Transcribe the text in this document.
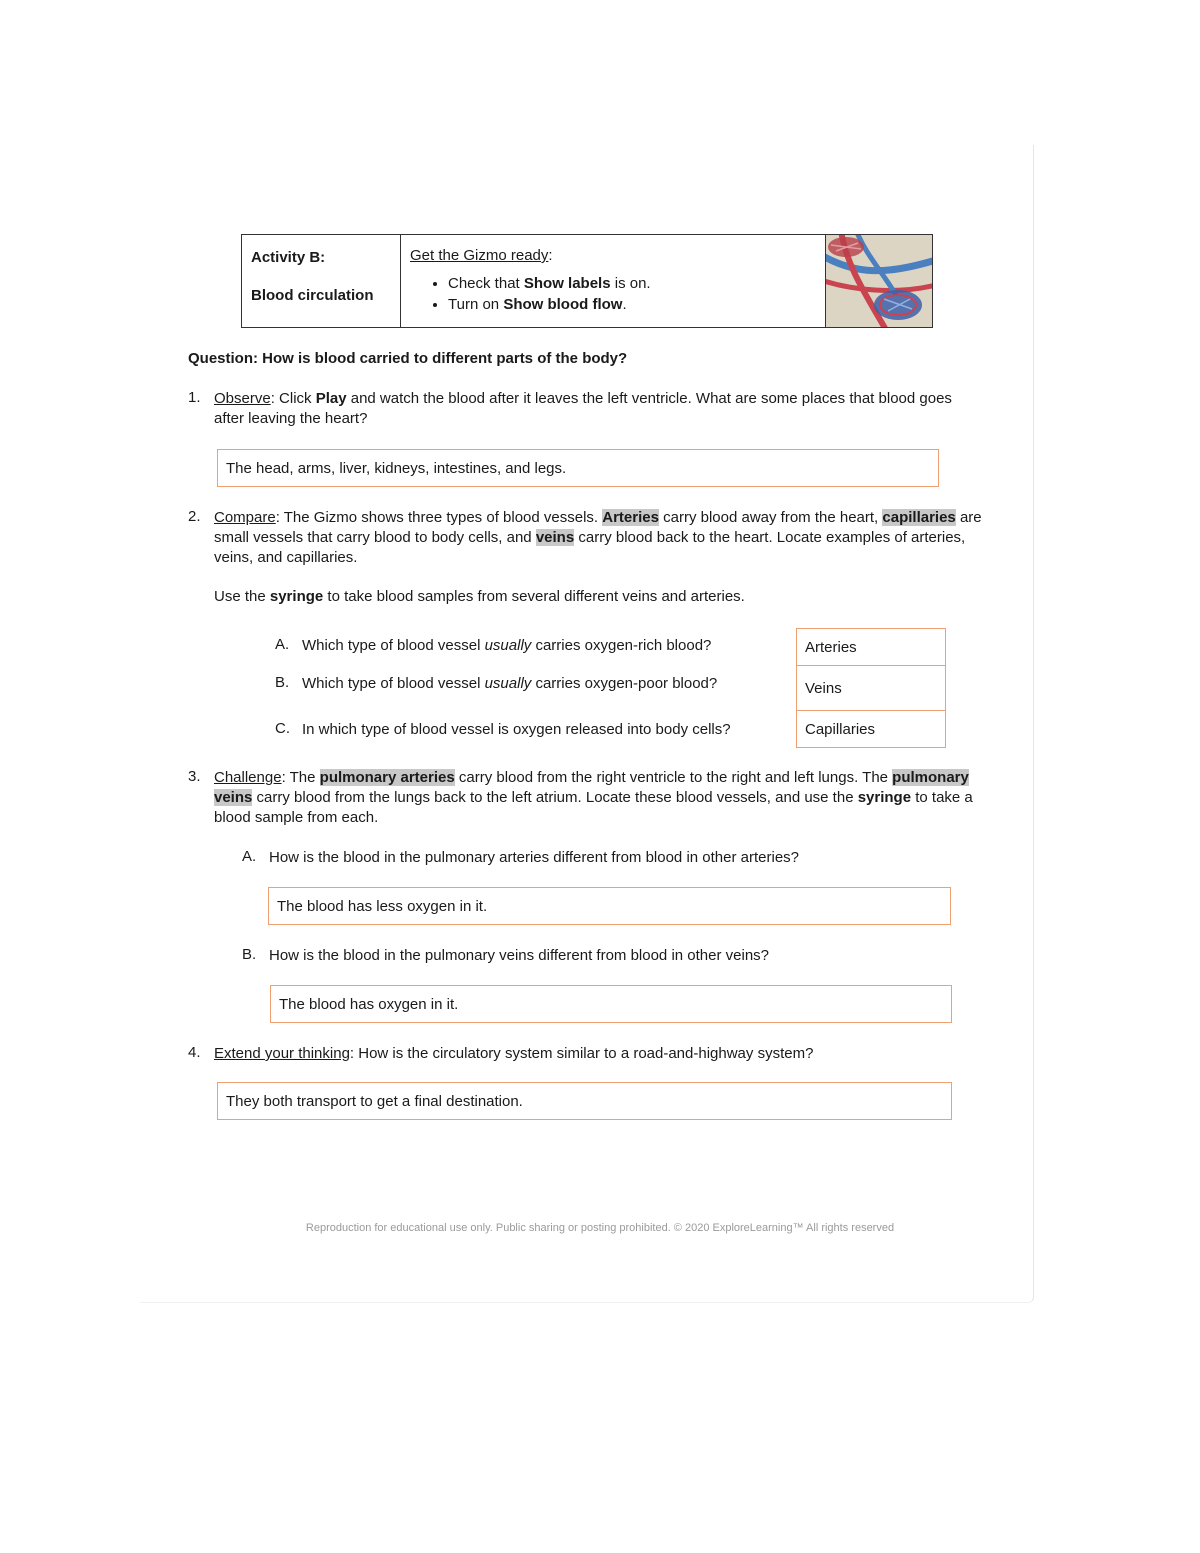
Activity B:
Blood circulation
Get the Gizmo ready:
• Check that Show labels is on.
• Turn on Show blood flow.
Question: How is blood carried to different parts of the body?
1. Observe: Click Play and watch the blood after it leaves the left ventricle. What are some places that blood goes after leaving the heart?
The head, arms, liver, kidneys, intestines, and legs.
2. Compare: The Gizmo shows three types of blood vessels. Arteries carry blood away from the heart, capillaries are small vessels that carry blood to body cells, and veins carry blood back to the heart. Locate examples of arteries, veins, and capillaries.
Use the syringe to take blood samples from several different veins and arteries.
A. Which type of blood vessel usually carries oxygen-rich blood?
B. Which type of blood vessel usually carries oxygen-poor blood?
C. In which type of blood vessel is oxygen released into body cells?
Arteries
Veins
Capillaries
3. Challenge: The pulmonary arteries carry blood from the right ventricle to the right and left lungs. The pulmonary veins carry blood from the lungs back to the left atrium. Locate these blood vessels, and use the syringe to take a blood sample from each.
A. How is the blood in the pulmonary arteries different from blood in other arteries?
The blood has less oxygen in it.
B. How is the blood in the pulmonary veins different from blood in other veins?
The blood has oxygen in it.
4. Extend your thinking: How is the circulatory system similar to a road-and-highway system?
They both transport to get a final destination.
Reproduction for educational use only. Public sharing or posting prohibited. © 2020 ExploreLearning™ All rights reserved
